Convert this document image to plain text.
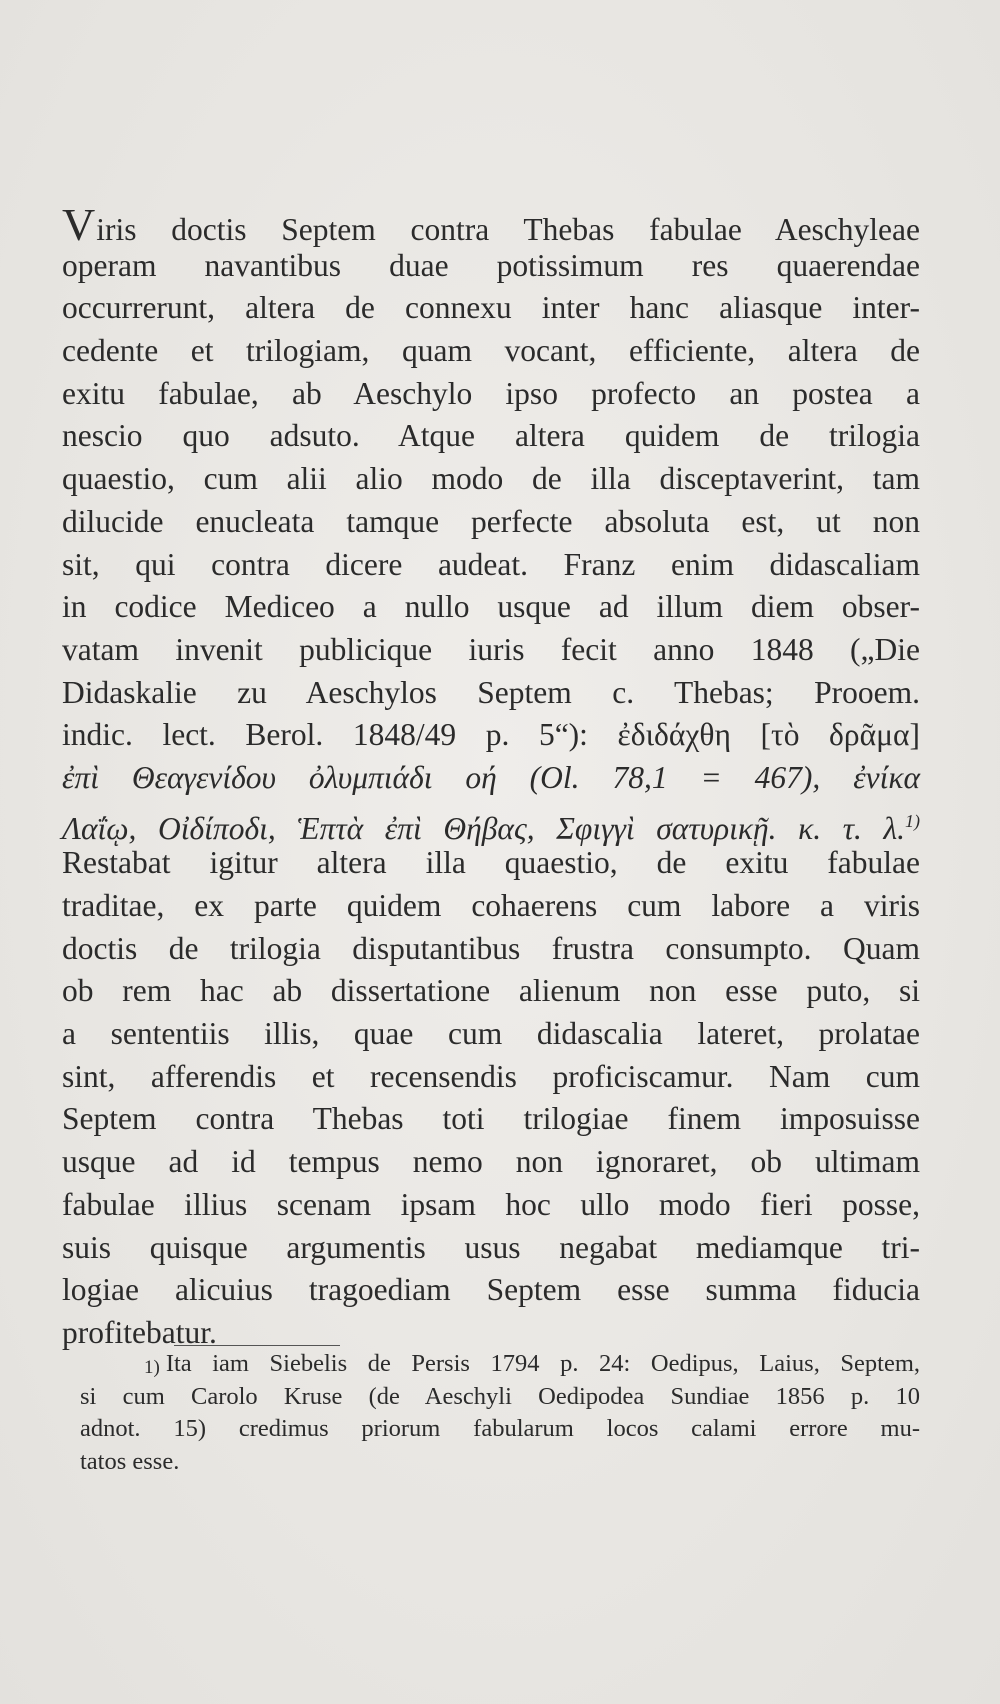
Viris doctis Septem contra Thebas fabulae Aeschyleae
operam navantibus duae potissimum res quaerendae
occurrerunt, altera de connexu inter hanc aliasque inter-
cedente et trilogiam, quam vocant, efficiente, altera de
exitu fabulae, ab Aeschylo ipso profecto an postea a
nescio quo adsuto. Atque altera quidem de trilogia
quaestio, cum alii alio modo de illa disceptaverint, tam
dilucide enucleata tamque perfecte absoluta est, ut non
sit, qui contra dicere audeat. Franz enim didascaliam
in codice Mediceo a nullo usque ad illum diem obser-
vatam invenit publicique iuris fecit anno 1848 („Die
Didaskalie zu Aeschylos Septem c. Thebas; Prooem.
indic. lect. Berol. 1848/49 p. 5“): ἐδιδάχθη [τὸ δρᾶμα]
ἐπὶ Θεαγενίδου ὀλυμπιάδι οή (Ol. 78,1 = 467), ἐνίκα
Λαΐῳ, Οἰδίποδι, Ἑπτὰ ἐπὶ Θήβας, Σφιγγὶ σατυρικῇ. κ. τ. λ.$^{1)}$
Restabat igitur altera illa quaestio, de exitu fabulae
traditae, ex parte quidem cohaerens cum labore a viris
doctis de trilogia disputantibus frustra consumpto. Quam
ob rem hac ab dissertatione alienum non esse puto, si
a sententiis illis, quae cum didascalia lateret, prolatae
sint, afferendis et recensendis proficiscamur. Nam cum
Septem contra Thebas toti trilogiae finem imposuisse
usque ad id tempus nemo non ignoraret, ob ultimam
fabulae illius scenam ipsam hoc ullo modo fieri posse,
suis quisque argumentis usus negabat mediamque tri-
logiae alicuius tragoediam Septem esse summa fiducia
profitebatur.
1) Ita iam Siebelis de Persis 1794 p. 24: Oedipus, Laius, Septem,
si cum Carolo Kruse (de Aeschyli Oedipodea Sundiae 1856 p. 10
adnot. 15) credimus priorum fabularum locos calami errore mu-
tatos esse.
